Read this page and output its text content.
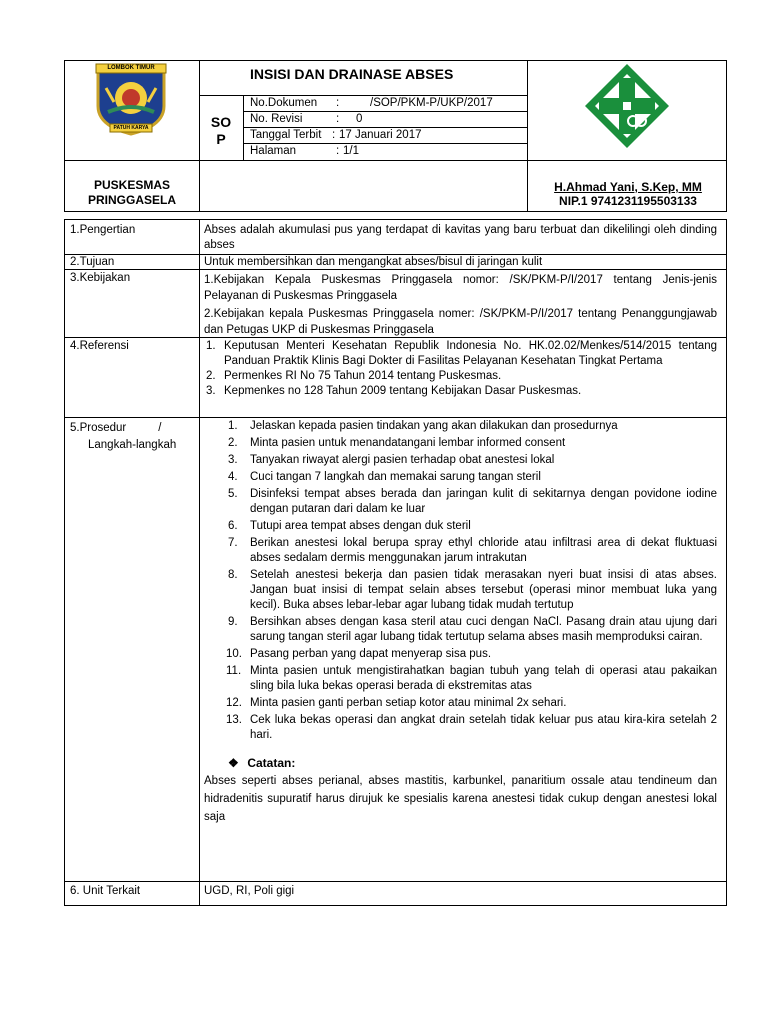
LOMBOK TIMUR
PATUH KARYA
INSISI DAN DRAINASE ABSES
SO P
No.Dokumen :	/SOP/PKM-P/UKP/2017
No. Revisi	: 0
Tanggal Terbit : 17 Januari 2017
Halaman	: 1/1
PUSKESMAS
PRINGGASELA
H.Ahmad Yani, S.Kep, MM
NIP.1 9741231195503133
1.Pengertian	Abses adalah akumulasi pus yang terdapat di kavitas yang baru terbuat dan dikelilingi oleh dinding abses
2.Tujuan	Untuk membersihkan dan mengangkat abses/bisul di jaringan kulit
3.Kebijakan	1.Kebijakan Kepala Puskesmas Pringgasela nomor: /SK/PKM-P/I/2017 tentang Jenis-jenis Pelayanan di Puskesmas Pringgasela
2.Kebijakan kepala Puskesmas Pringgasela nomer: /SK/PKM-P/I/2017 tentang Penanggungjawab dan Petugas UKP di Puskesmas Pringgasela
4.Referensi	1. Keputusan Menteri Kesehatan Republik Indonesia No. HK.02.02/Menkes/514/2015 tentang Panduan Praktik Klinis Bagi Dokter di Fasilitas Pelayanan Kesehatan Tingkat Pertama
2. Permenkes RI No 75 Tahun 2014 tentang Puskesmas.
3. Kepmenkes no 128 Tahun 2009 tentang Kebijakan Dasar Puskesmas.
5.Prosedur          /
Langkah-langkah
1. Jelaskan kepada pasien tindakan yang akan dilakukan dan prosedurnya
2. Minta pasien untuk menandatangani lembar informed consent
3. Tanyakan riwayat alergi pasien terhadap obat anestesi lokal
4. Cuci tangan 7 langkah dan memakai sarung tangan steril
5. Disinfeksi tempat abses berada dan jaringan kulit di sekitarnya dengan povidone iodine dengan putaran dari dalam ke luar
6. Tutupi area tempat abses dengan duk steril
7. Berikan anestesi lokal berupa spray ethyl chloride atau infiltrasi area di dekat fluktuasi abses sedalam dermis menggunakan jarum intrakutan
8. Setelah anestesi bekerja dan pasien tidak merasakan nyeri buat insisi di atas abses. Jangan buat insisi di tempat selain abses tersebut (operasi minor membuat luka yang kecil). Buka abses lebar-lebar agar lubang tidak mudah tertutup
9. Bersihkan abses dengan kasa steril atau cuci dengan NaCl. Pasang drain atau ujung dari sarung tangan steril agar lubang tidak tertutup selama abses masih memproduksi cairan.
10. Pasang perban yang dapat menyerap sisa pus.
11. Minta pasien untuk mengistirahatkan bagian tubuh yang telah di operasi atau pakaikan sling bila luka bekas operasi berada di ekstremitas atas
12. Minta pasien ganti perban setiap kotor atau minimal 2x sehari.
13. Cek luka bekas operasi dan angkat drain setelah tidak keluar pus atau kira-kira setelah 2 hari.
❖ Catatan:
Abses seperti abses perianal, abses mastitis, karbunkel, panaritium ossale atau tendineum dan hidradenitis supuratif harus dirujuk ke spesialis karena anestesi tidak cukup dengan anestesi lokal saja
6. Unit Terkait	UGD, RI, Poli gigi
